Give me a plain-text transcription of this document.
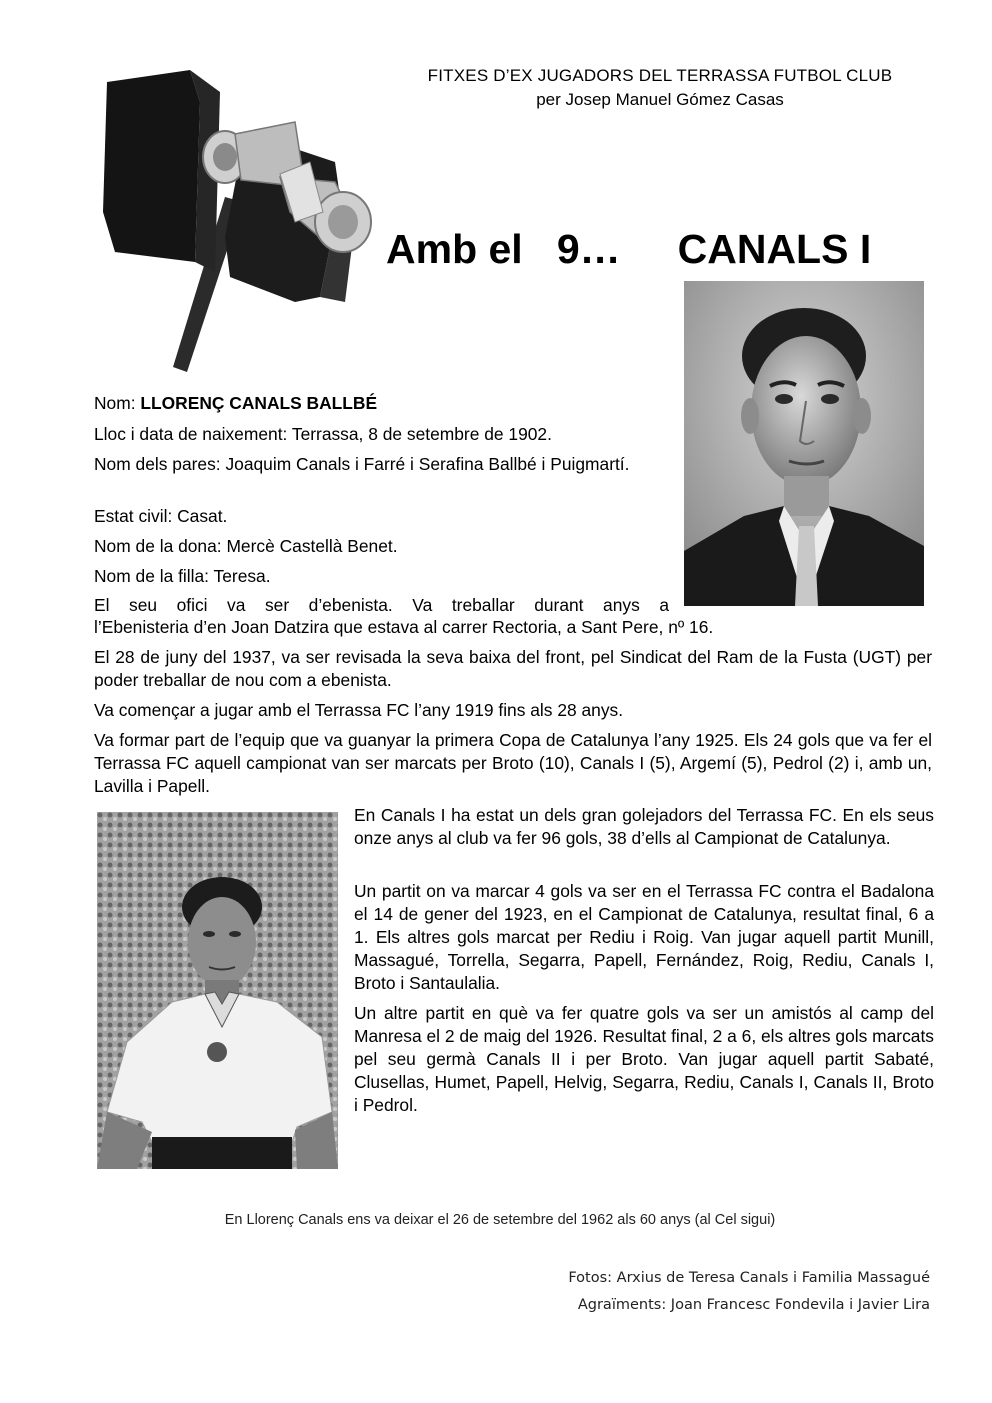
FITXES D’EX JUGADORS DEL TERRASSA FUTBOL CLUB
per Josep Manuel Gómez Casas
Amb el   9…     CANALS I

Nom: LLORENÇ CANALS BALLBÉ

Lloc i data de naixement: Terrassa, 8 de setembre de 1902.

Nom dels pares: Joaquim Canals i Farré i Serafina Ballbé i Puigmartí.

Estat civil: Casat.

Nom de la dona: Mercè Castellà Benet.

Nom de la filla: Teresa.

El seu ofici va ser d’ebenista. Va treballar durant anys a

l’Ebenisteria d’en Joan Datzira que estava al carrer Rectoria, a Sant Pere, nº 16.

El 28 de juny del 1937, va ser revisada la seva baixa del front, pel Sindicat del Ram de la Fusta (UGT) per poder treballar de nou com a ebenista.

Va començar a jugar amb el Terrassa FC l’any 1919 fins als 28 anys.

Va formar part de l’equip que va guanyar la primera Copa de Catalunya l’any 1925. Els 24 gols que va fer el Terrassa FC aquell campionat van ser marcats per Broto (10), Canals I (5), Argemí (5), Pedrol (2) i, amb un, Lavilla i Papell.

En Canals I ha estat un dels gran golejadors del Terrassa FC. En els seus onze anys al club va fer 96 gols, 38 d’ells al Campionat de Catalunya.

Un partit on va marcar 4 gols va ser en el Terrassa FC contra el Badalona el 14 de gener del 1923, en el Campionat de Catalunya, resultat final, 6 a 1. Els altres gols marcat per Rediu i Roig. Van jugar aquell partit Munill, Massagué, Torrella, Segarra, Papell, Fernández, Roig, Rediu, Canals I, Broto i Santaulalia.

Un altre partit en què va fer quatre gols va ser un amistós al camp del Manresa el 2 de maig del 1926. Resultat final, 2 a 6, els altres gols marcats pel seu germà Canals II i per Broto. Van jugar aquell partit Sabaté, Clusellas, Humet, Papell, Helvig, Segarra, Rediu, Canals I, Canals II, Broto i Pedrol.

En Llorenç Canals ens va deixar el 26 de setembre del 1962 als 60 anys (al Cel sigui)
Fotos: Arxius de Teresa Canals i Familia Massagué
Agraïments: Joan Francesc Fondevila i Javier Lira
